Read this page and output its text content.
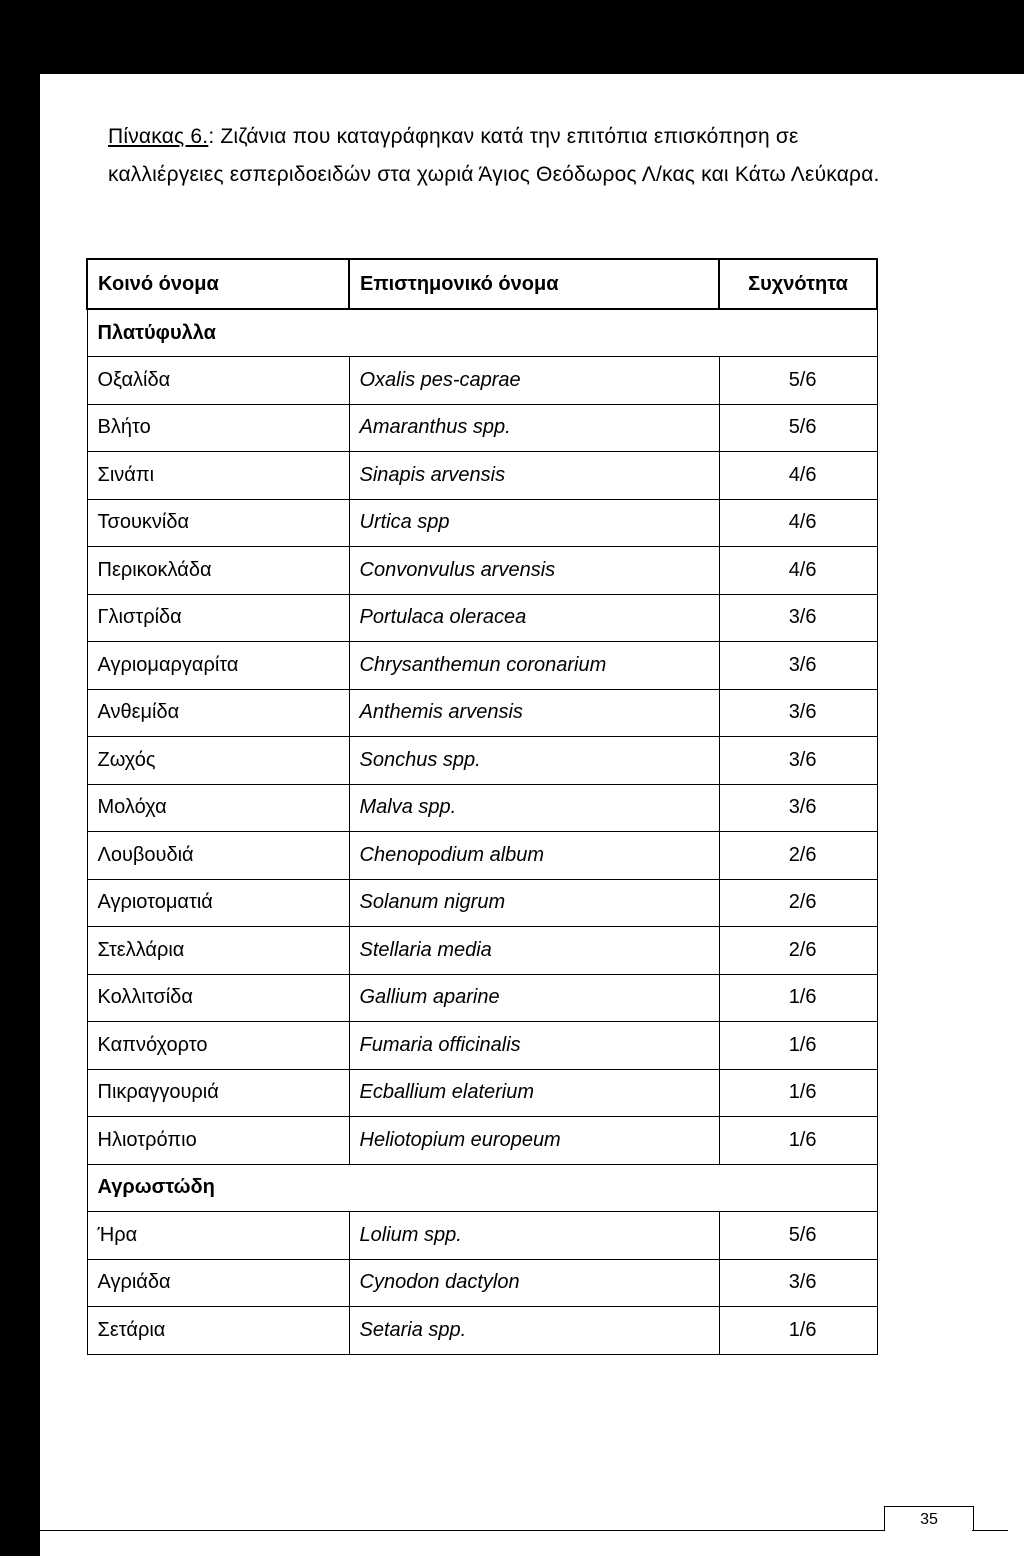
Πίνακας 6.: Ζιζάνια που καταγράφηκαν κατά την επιτόπια επισκόπηση σε καλλιέργειες εσπεριδοειδών στα χωριά Άγιος Θεόδωρος Λ/κας και Κάτω Λεύκαρα.
Κοινό όνομα	Επιστημονικό όνομα	Συχνότητα
Πλατύφυλλα		
Οξαλίδα	Oxalis pes-caprae	5/6
Βλήτο	Amaranthus spp.	5/6
Σινάπι	Sinapis arvensis	4/6
Τσουκνίδα	Urtica spp	4/6
Περικοκλάδα	Convonvulus arvensis	4/6
Γλιστρίδα	Portulaca oleracea	3/6
Αγριομαργαρίτα	Chrysanthemun coronarium	3/6
Ανθεμίδα	Anthemis arvensis	3/6
Ζωχός	Sonchus spp.	3/6
Μολόχα	Malva spp.	3/6
Λουβουδιά	Chenopodium album	2/6
Αγριοτοματιά	Solanum nigrum	2/6
Στελλάρια	Stellaria media	2/6
Κολλιτσίδα	Gallium aparine	1/6
Καπνόχορτο	Fumaria officinalis	1/6
Πικραγγουριά	Ecballium elaterium	1/6
Ηλιοτρόπιο	Heliotopium europeum	1/6
Αγρωστώδη		
Ήρα	Lolium spp.	5/6
Αγριάδα	Cynodon dactylon	3/6
Σετάρια	Setaria spp.	1/6
35
